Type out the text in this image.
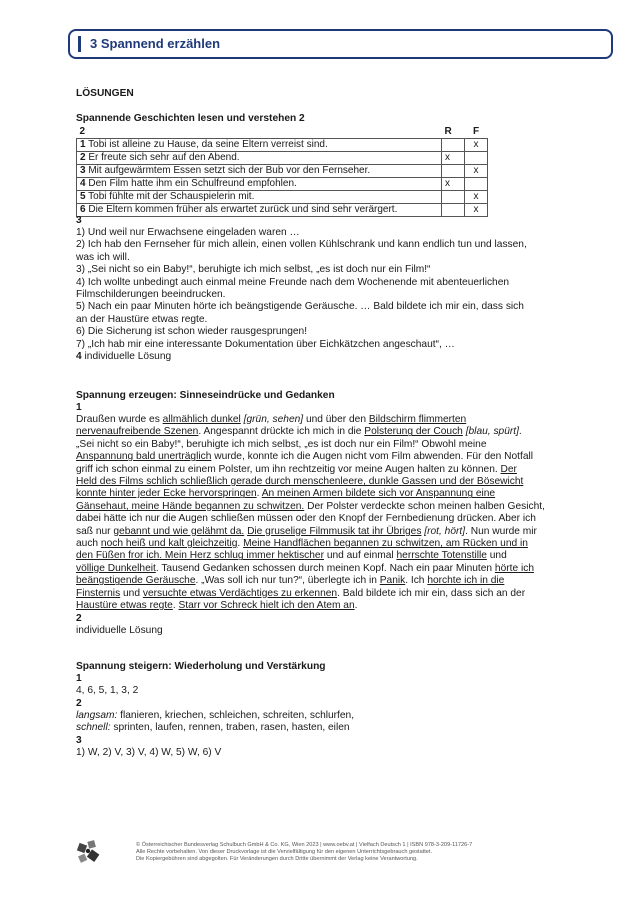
3 Spannend erzählen
LÖSUNGEN
Spannende Geschichten lesen und verstehen 2
2	R	F
1 Tobi ist alleine zu Hause, da seine Eltern verreist sind.		x
2 Er freute sich sehr auf den Abend.	x	
3 Mit aufgewärmtem Essen setzt sich der Bub vor den Fernseher.		x
4 Den Film hatte ihm ein Schulfreund empfohlen.	x	
5 Tobi fühlte mit der Schauspielerin mit.		x
6 Die Eltern kommen früher als erwartet zurück und sind sehr verärgert.		x
3
1) Und weil nur Erwachsene eingeladen waren …
2) Ich hab den Fernseher für mich allein, einen vollen Kühlschrank und kann endlich tun und lassen,
was ich will.
3) „Sei nicht so ein Baby!“, beruhigte ich mich selbst, „es ist doch nur ein Film!“
4) Ich wollte unbedingt auch einmal meine Freunde nach dem Wochenende mit abenteuerlichen
Filmschilderungen beeindrucken.
5) Nach ein paar Minuten hörte ich beängstigende Geräusche. … Bald bildete ich mir ein, dass sich
an der Haustüre etwas regte.
6) Die Sicherung ist schon wieder rausgesprungen!
7) „Ich hab mir eine interessante Dokumentation über Eichkätzchen angeschaut“, …
4 individuelle Lösung
Spannung erzeugen: Sinneseindrücke und Gedanken
1
Draußen wurde es allmählich dunkel [grün, sehen] und über den Bildschirm flimmerten
nervenaufreibende Szenen. Angespannt drückte ich mich in die Polsterung der Couch [blau, spürt].
„Sei nicht so ein Baby!“, beruhigte ich mich selbst, „es ist doch nur ein Film!“ Obwohl meine
Anspannung bald unerträglich wurde, konnte ich die Augen nicht vom Film abwenden. Für den Notfall
griff ich schon einmal zu einem Polster, um ihn rechtzeitig vor meine Augen halten zu können. Der
Held des Films schlich schließlich gerade durch menschenleere, dunkle Gassen und der Bösewicht
konnte hinter jeder Ecke hervorspringen. An meinen Armen bildete sich vor Anspannung eine
Gänsehaut, meine Hände begannen zu schwitzen. Der Polster verdeckte schon meinen halben Gesicht,
dabei hätte ich nur die Augen schließen müssen oder den Knopf der Fernbedienung drücken. Aber ich
saß nur gebannt und wie gelähmt da. Die gruselige Filmmusik tat ihr Übriges [rot, hört]. Nun wurde mir
auch noch heiß und kalt gleichzeitig. Meine Handflächen begannen zu schwitzen, am Rücken und in
den Füßen fror ich. Mein Herz schlug immer hektischer und auf einmal herrschte Totenstille und
völlige Dunkelheit. Tausend Gedanken schossen durch meinen Kopf. Nach ein paar Minuten hörte ich
beängstigende Geräusche. „Was soll ich nur tun?“, überlegte ich in Panik. Ich horchte ich in die
Finsternis und versuchte etwas Verdächtiges zu erkennen. Bald bildete ich mir ein, dass sich an der
Haustüre etwas regte. Starr vor Schreck hielt ich den Atem an.
2
individuelle Lösung
Spannung steigern: Wiederholung und Verstärkung
1
4, 6, 5, 1, 3, 2
2
langsam: flanieren, kriechen, schleichen, schreiten, schlurfen,
schnell: sprinten, laufen, rennen, traben, rasen, hasten, eilen
3
1) W, 2) V, 3) V, 4) W, 5) W, 6) V
© Österreichischer Bundesverlag Schulbuch GmbH & Co. KG, Wien 2023 | www.oebv.at | Vielfach Deutsch 1 | ISBN 978-3-209-11726-7
Alle Rechte vorbehalten. Von dieser Druckvorlage ist die Vervielfältigung für den eigenen Unterrichtsgebrauch gestattet.
Die Kopiergebühren sind abgegolten. Für Veränderungen durch Dritte übernimmt der Verlag keine Verantwortung.
